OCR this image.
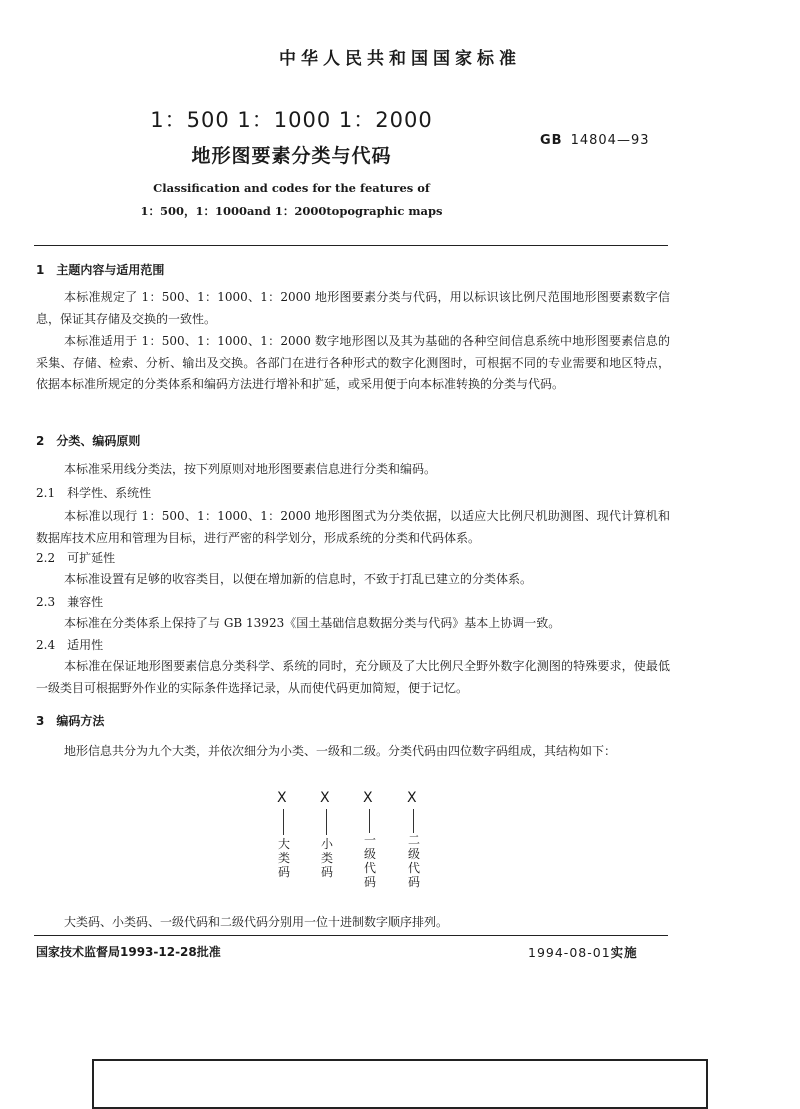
中华人民共和国国家标准
1：500 1：1000 1：2000
地形图要素分类与代码
GB 14804—93
Classification and codes for the features of
1：500，1：1000and 1：2000topographic maps
1　主题内容与适用范围
本标准规定了 1：500、1：1000、1：2000 地形图要素分类与代码，用以标识该比例尺范围地形图要素数字信息，保证其存储及交换的一致性。
本标准适用于 1：500、1：1000、1：2000 数字地形图以及其为基础的各种空间信息系统中地形图要素信息的采集、存储、检索、分析、输出及交换。各部门在进行各种形式的数字化测图时，可根据不同的专业需要和地区特点，依据本标准所规定的分类体系和编码方法进行增补和扩延，或采用便于向本标准转换的分类与代码。
2　分类、编码原则
本标准采用线分类法，按下列原则对地形图要素信息进行分类和编码。
2.1　科学性、系统性
本标准以现行 1：500、1：1000、1：2000 地形图图式为分类依据，以适应大比例尺机助测图、现代计算机和数据库技术应用和管理为目标，进行严密的科学划分，形成系统的分类和代码体系。
2.2　可扩延性
本标准设置有足够的收容类目，以便在增加新的信息时，不致于打乱已建立的分类体系。
2.3　兼容性
本标准在分类体系上保持了与 GB 13923《国土基础信息数据分类与代码》基本上协调一致。
2.4　适用性
本标准在保证地形图要素信息分类科学、系统的同时，充分顾及了大比例尺全野外数字化测图的特殊要求，使最低一级类目可根据野外作业的实际条件选择记录，从而使代码更加简短，便于记忆。
3　编码方法
地形信息共分为九个大类，并依次细分为小类、一级和二级。分类代码由四位数字码组成，其结构如下：
X X X X
大类码
小类码
一级代码
二级代码
大类码、小类码、一级代码和二级代码分别用一位十进制数字顺序排列。
国家技术监督局1993-12-28批准	1994-08-01实施
